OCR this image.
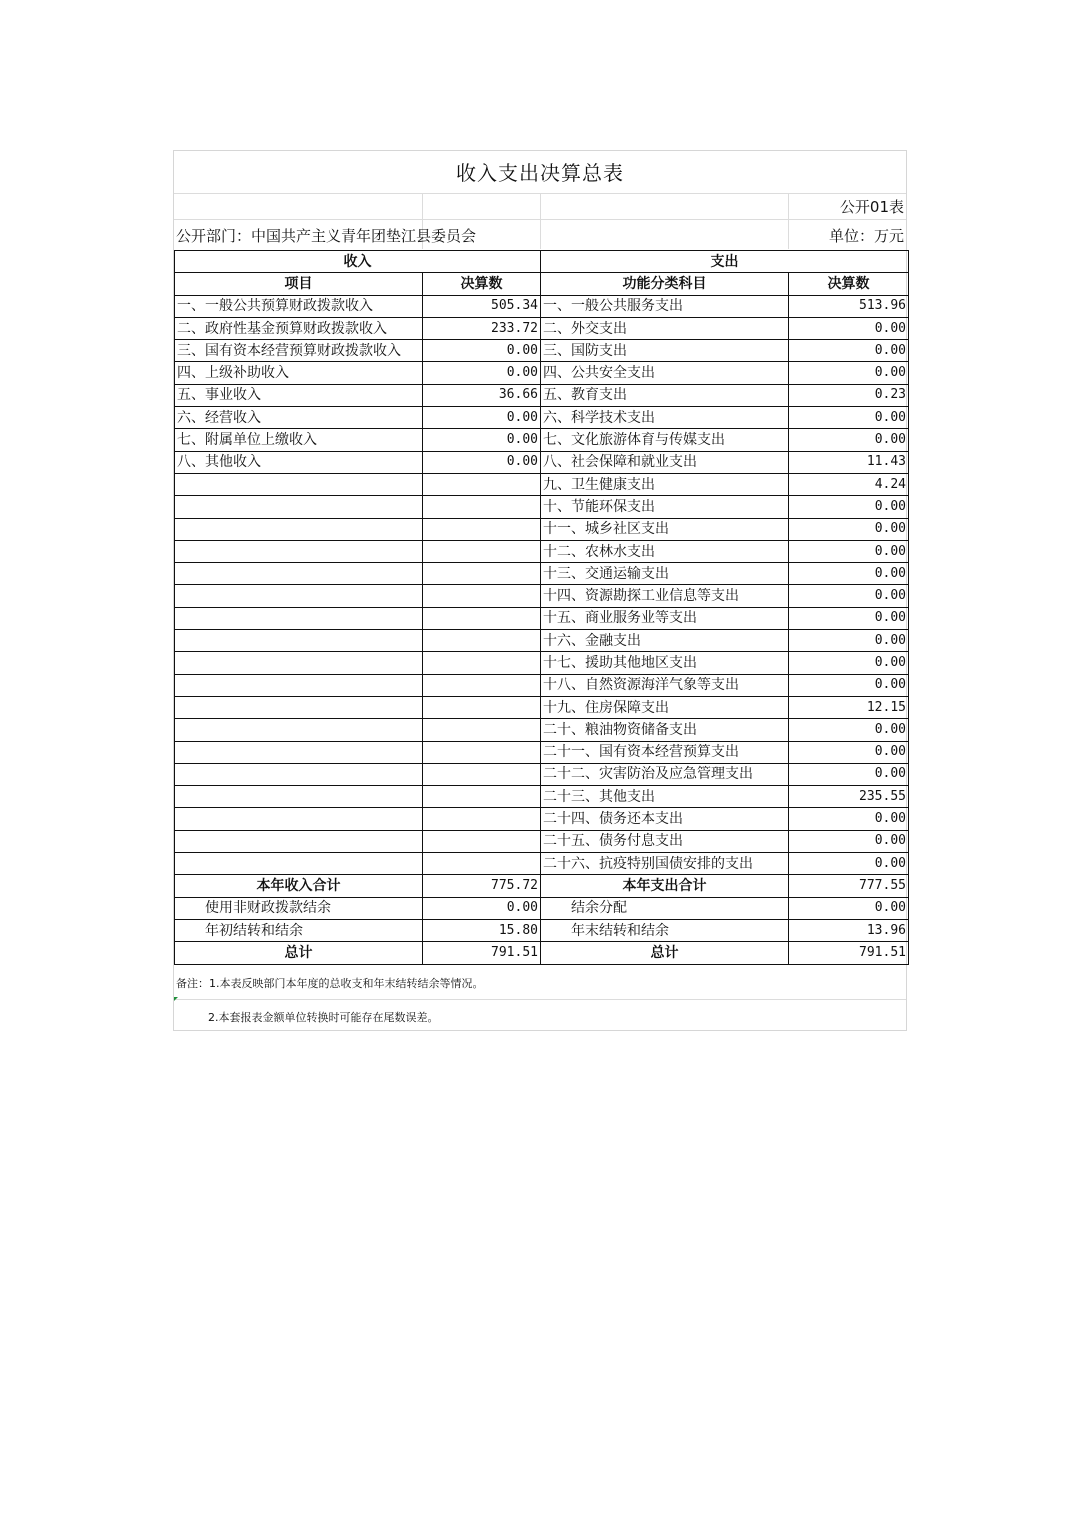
收入支出决算总表
公开01表
公开部门：中国共产主义青年团垫江县委员会	单位：万元
收入		支出	
项目	决算数	功能分类科目	决算数
一、一般公共预算财政拨款收入	505.34	一、一般公共服务支出	513.96
二、政府性基金预算财政拨款收入	233.72	二、外交支出	0.00
三、国有资本经营预算财政拨款收入	0.00	三、国防支出	0.00
四、上级补助收入	0.00	四、公共安全支出	0.00
五、事业收入	36.66	五、教育支出	0.23
六、经营收入	0.00	六、科学技术支出	0.00
七、附属单位上缴收入	0.00	七、文化旅游体育与传媒支出	0.00
八、其他收入	0.00	八、社会保障和就业支出	11.43
		九、卫生健康支出	4.24
		十、节能环保支出	0.00
		十一、城乡社区支出	0.00
		十二、农林水支出	0.00
		十三、交通运输支出	0.00
		十四、资源勘探工业信息等支出	0.00
		十五、商业服务业等支出	0.00
		十六、金融支出	0.00
		十七、援助其他地区支出	0.00
		十八、自然资源海洋气象等支出	0.00
		十九、住房保障支出	12.15
		二十、粮油物资储备支出	0.00
		二十一、国有资本经营预算支出	0.00
		二十二、灾害防治及应急管理支出	0.00
		二十三、其他支出	235.55
		二十四、债务还本支出	0.00
		二十五、债务付息支出	0.00
		二十六、抗疫特别国债安排的支出	0.00
本年收入合计	775.72	本年支出合计	777.55
使用非财政拨款结余	0.00	结余分配	0.00
年初结转和结余	15.80	年末结转和结余	13.96
总计	791.51	总计	791.51
备注：1.本表反映部门本年度的总收支和年末结转结余等情况。
2.本套报表金额单位转换时可能存在尾数误差。
